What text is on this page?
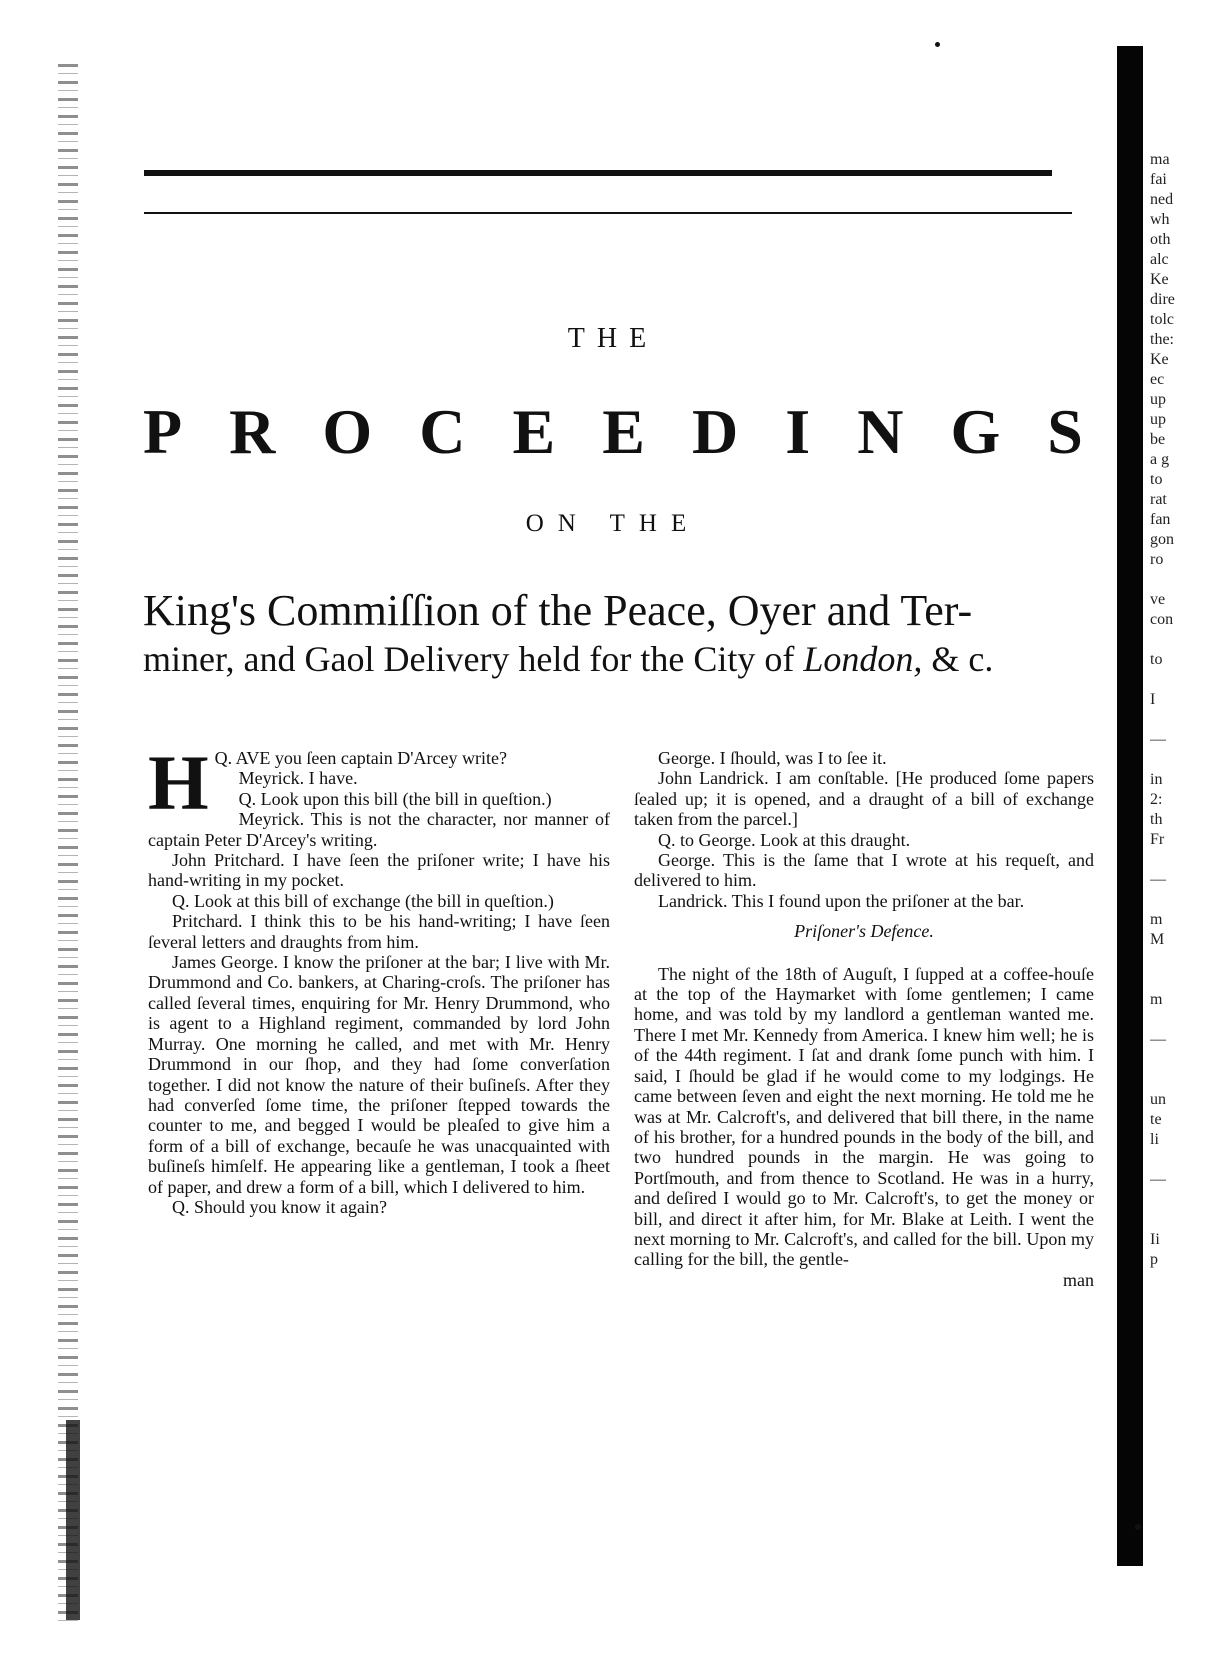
THE
P R O C E E D I N G S
ON THE
King's Commiſſion of the Peace, Oyer and Ter-
miner, and Gaol Delivery held for the City of London, & c.

H Q. AVE you ſeen captain D'Arcey write?

Meyrick. I have.

Q. Look upon this bill (the bill in queſtion.)

Meyrick. This is not the character, nor manner of captain Peter D'Arcey's writing.

John Pritchard. I have ſeen the priſoner write; I have his hand-writing in my pocket.

Q. Look at this bill of exchange (the bill in queſtion.)

Pritchard. I think this to be his hand-writing; I have ſeen ſeveral letters and draughts from him.

James George. I know the priſoner at the bar; I live with Mr. Drummond and Co. bankers, at Charing-croſs. The priſoner has called ſeveral times, enquiring for Mr. Henry Drummond, who is agent to a Highland regiment, commanded by lord John Murray. One morning he called, and met with Mr. Henry Drummond in our ſhop, and they had ſome converſation together. I did not know the nature of their buſineſs. After they had converſed ſome time, the priſoner ſtepped towards the counter to me, and begged I would be pleaſed to give him a form of a bill of exchange, becauſe he was unacquainted with buſineſs himſelf. He appearing like a gentleman, I took a ſheet of paper, and drew a form of a bill, which I delivered to him.

Q. Should you know it again?

George. I ſhould, was I to ſee it.

John Landrick. I am conſtable. [He produced ſome papers ſealed up; it is opened, and a draught of a bill of exchange taken from the parcel.]

Q. to George. Look at this draught.

George. This is the ſame that I wrote at his requeſt, and delivered to him.

Landrick. This I found upon the priſoner at the bar.

Priſoner's Defence.

The night of the 18th of Auguſt, I ſupped at a coffee-houſe at the top of the Haymarket with ſome gentlemen; I came home, and was told by my landlord a gentleman wanted me. There I met Mr. Kennedy from America. I knew him well; he is of the 44th regiment. I ſat and drank ſome punch with him. I said, I ſhould be glad if he would come to my lodgings. He came between ſeven and eight the next morning. He told me he was at Mr. Calcroft's, and delivered that bill there, in the name of his brother, for a hundred pounds in the body of the bill, and two hundred pounds in the margin. He was going to Portſmouth, and from thence to Scotland. He was in a hurry, and deſired I would go to Mr. Calcroft's, to get the money or bill, and direct it after him, for Mr. Blake at Leith. I went the next morning to Mr. Calcroft's, and called for the bill. Upon my calling for the bill, the gentle-

man

ma
fai
ned
wh
oth
alc
Ke
dire
tolc
the:
Ke
ec
up
up
be
a g
to
rat
fan
gon
ro

ve
con

to

I

—

in
2:
th
Fr

—

m
M

m

—

un
te
li

—

Ii
p
